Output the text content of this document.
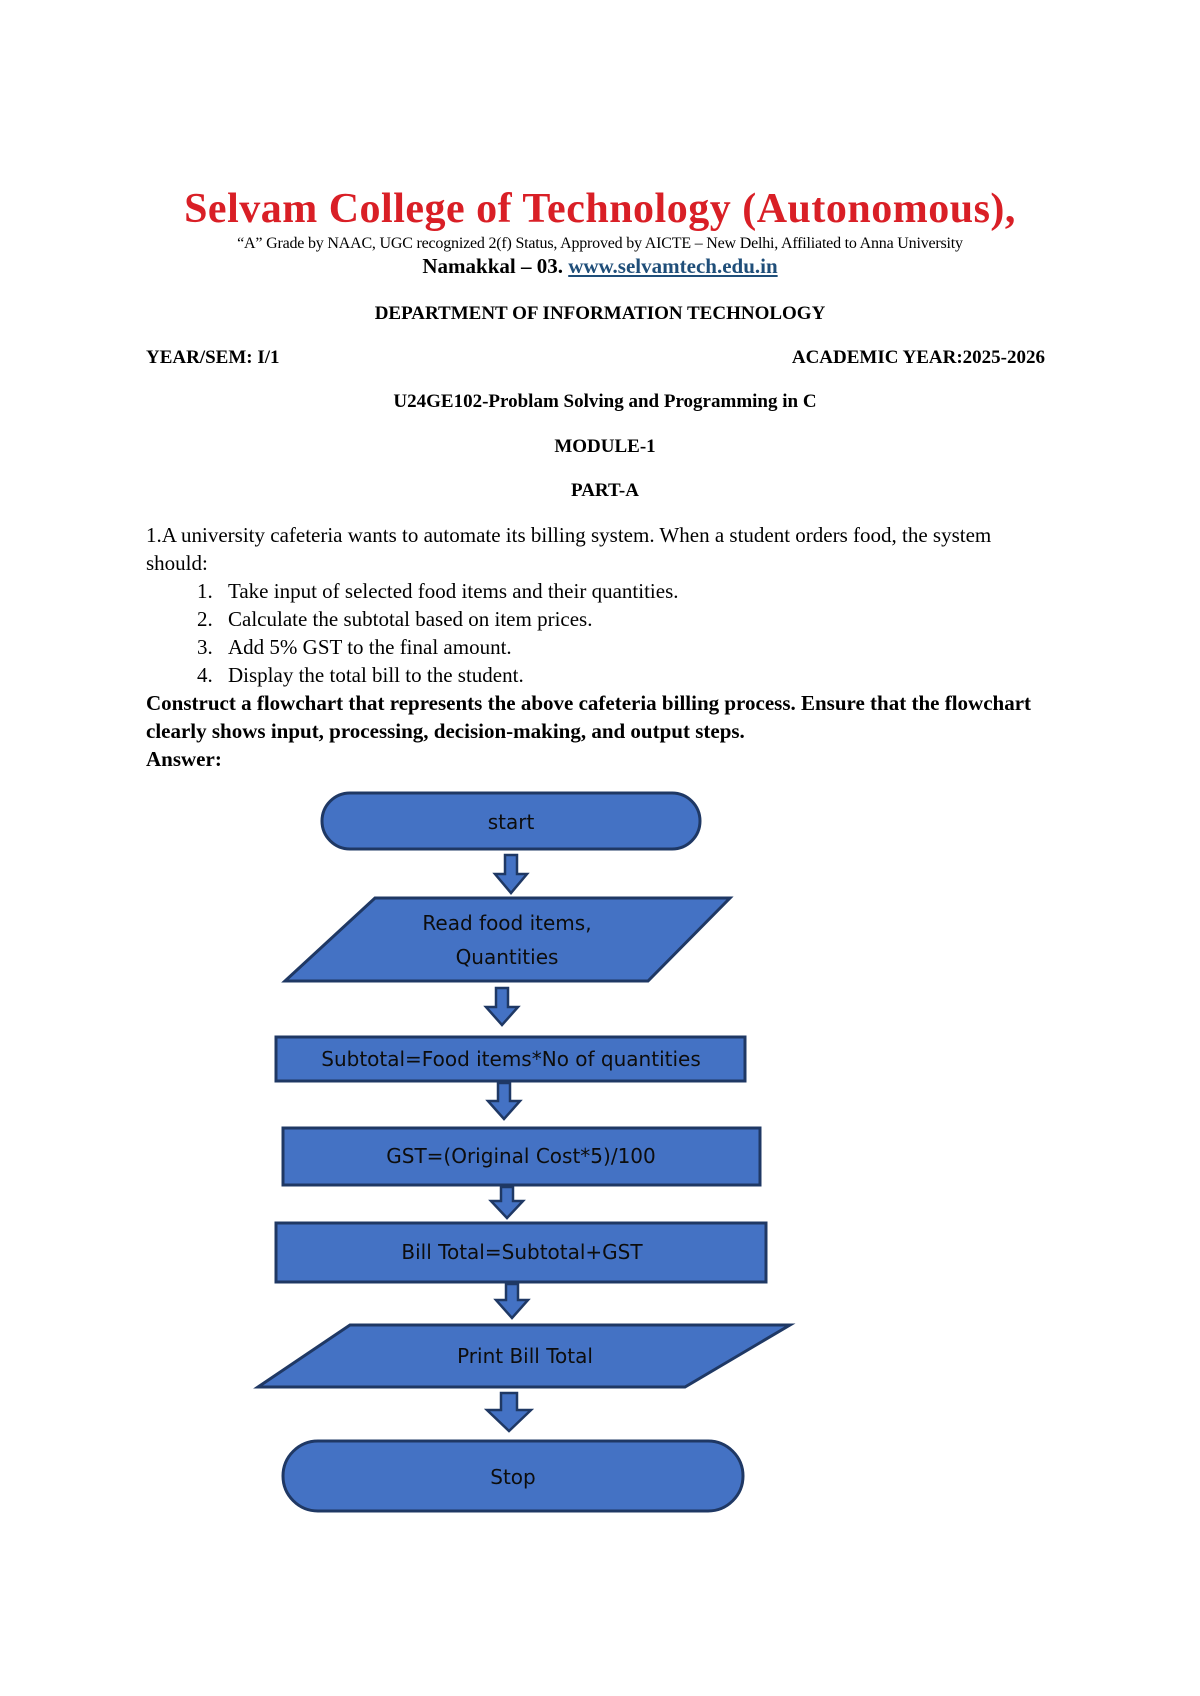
Selvam College of Technology (Autonomous),
“A” Grade by NAAC, UGC recognized 2(f) Status, Approved by AICTE – New Delhi, Affiliated to Anna University
Namakkal – 03. www.selvamtech.edu.in
DEPARTMENT OF INFORMATION TECHNOLOGY
YEAR/SEM: I/1	ACADEMIC YEAR:2025-2026
U24GE102-Problam Solving and Programming in C
MODULE-1
PART-A
1.A university cafeteria wants to automate its billing system. When a student orders food, the system should:
1. Take input of selected food items and their quantities.
2. Calculate the subtotal based on item prices.
3. Add 5% GST to the final amount.
4. Display the total bill to the student.
Construct a flowchart that represents the above cafeteria billing process. Ensure that the flowchart clearly shows input, processing, decision-making, and output steps.
Answer:
start
Read food items,
Quantities
Subtotal=Food items*No of quantities
GST=(Original Cost*5)/100
Bill Total=Subtotal+GST
Print Bill Total
Stop
